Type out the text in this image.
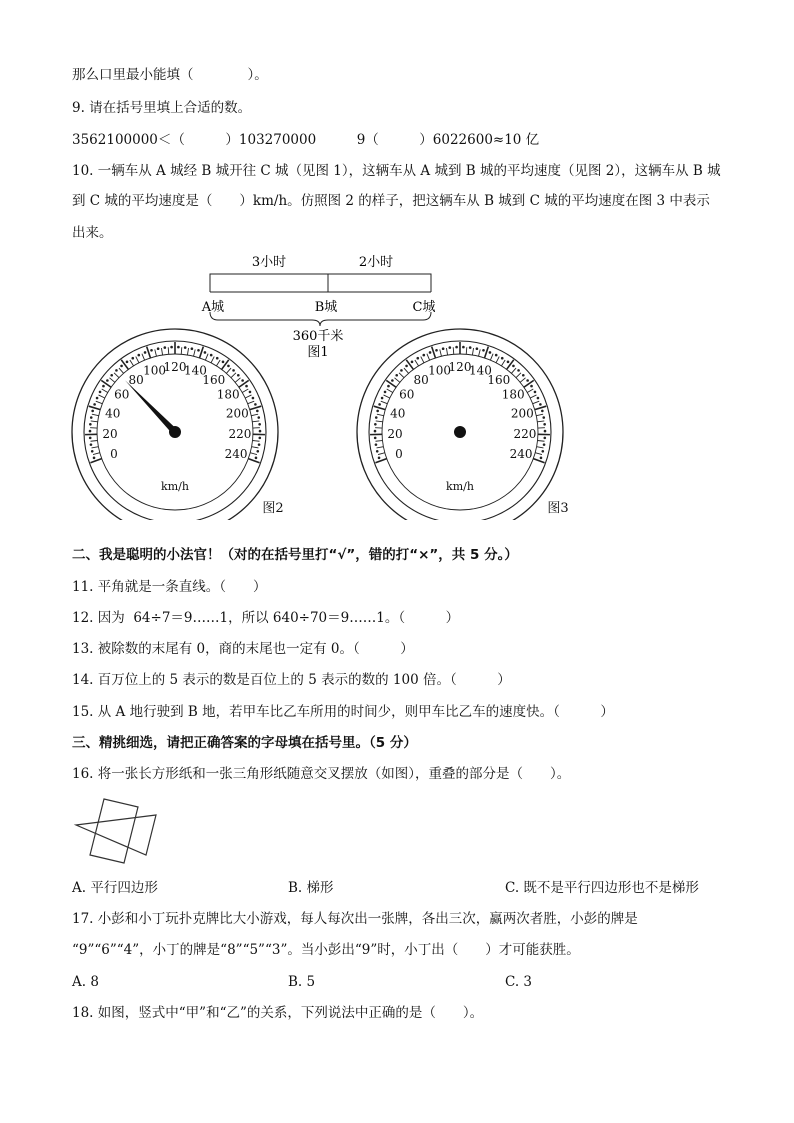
那么口里最小能填（　　　　）。
9. 请在括号里填上合适的数。
3562100000＜（　　　）103270000　　　9（　　　）6022600≈10 亿
10. 一辆车从 A 城经 B 城开往 C 城（见图 1），这辆车从 A 城到 B 城的平均速度（见图 2），这辆车从 B 城
到 C 城的平均速度是（　　）km/h。仿照图 2 的样子，把这辆车从 B 城到 C 城的平均速度在图 3 中表示
出来。
3小时	2小时
A城	B城	C城
360千米
图1
0
20
40
60
80
100
120
140
160
180
200
220
240
km/h
图2
0
20
40
60
80
100
120
140
160
180
200
220
240
km/h
图3
二、我是聪明的小法官！（对的在括号里打“√”，错的打“×”，共 5 分。）
11. 平角就是一条直线。（　　）
12. 因为  64÷7＝9……1，所以 640÷70＝9……1。（　　　）
13. 被除数的末尾有 0，商的末尾也一定有 0。（　　　）
14. 百万位上的 5 表示的数是百位上的 5 表示的数的 100 倍。（　　　）
15. 从 A 地行驶到 B 地，若甲车比乙车所用的时间少，则甲车比乙车的速度快。（　　　）
三、精挑细选，请把正确答案的字母填在括号里。（5 分）
16. 将一张长方形纸和一张三角形纸随意交叉摆放（如图），重叠的部分是（　　）。
A. 平行四边形	B. 梯形	C. 既不是平行四边形也不是梯形
17. 小彭和小丁玩扑克牌比大小游戏，每人每次出一张牌，各出三次，赢两次者胜，小彭的牌是
“9”“6”“4”，小丁的牌是“8”“5”“3”。当小彭出“9”时，小丁出（　　）才可能获胜。
A. 8	B. 5	C. 3
18. 如图，竖式中“甲”和“乙”的关系，下列说法中正确的是（　　）。
